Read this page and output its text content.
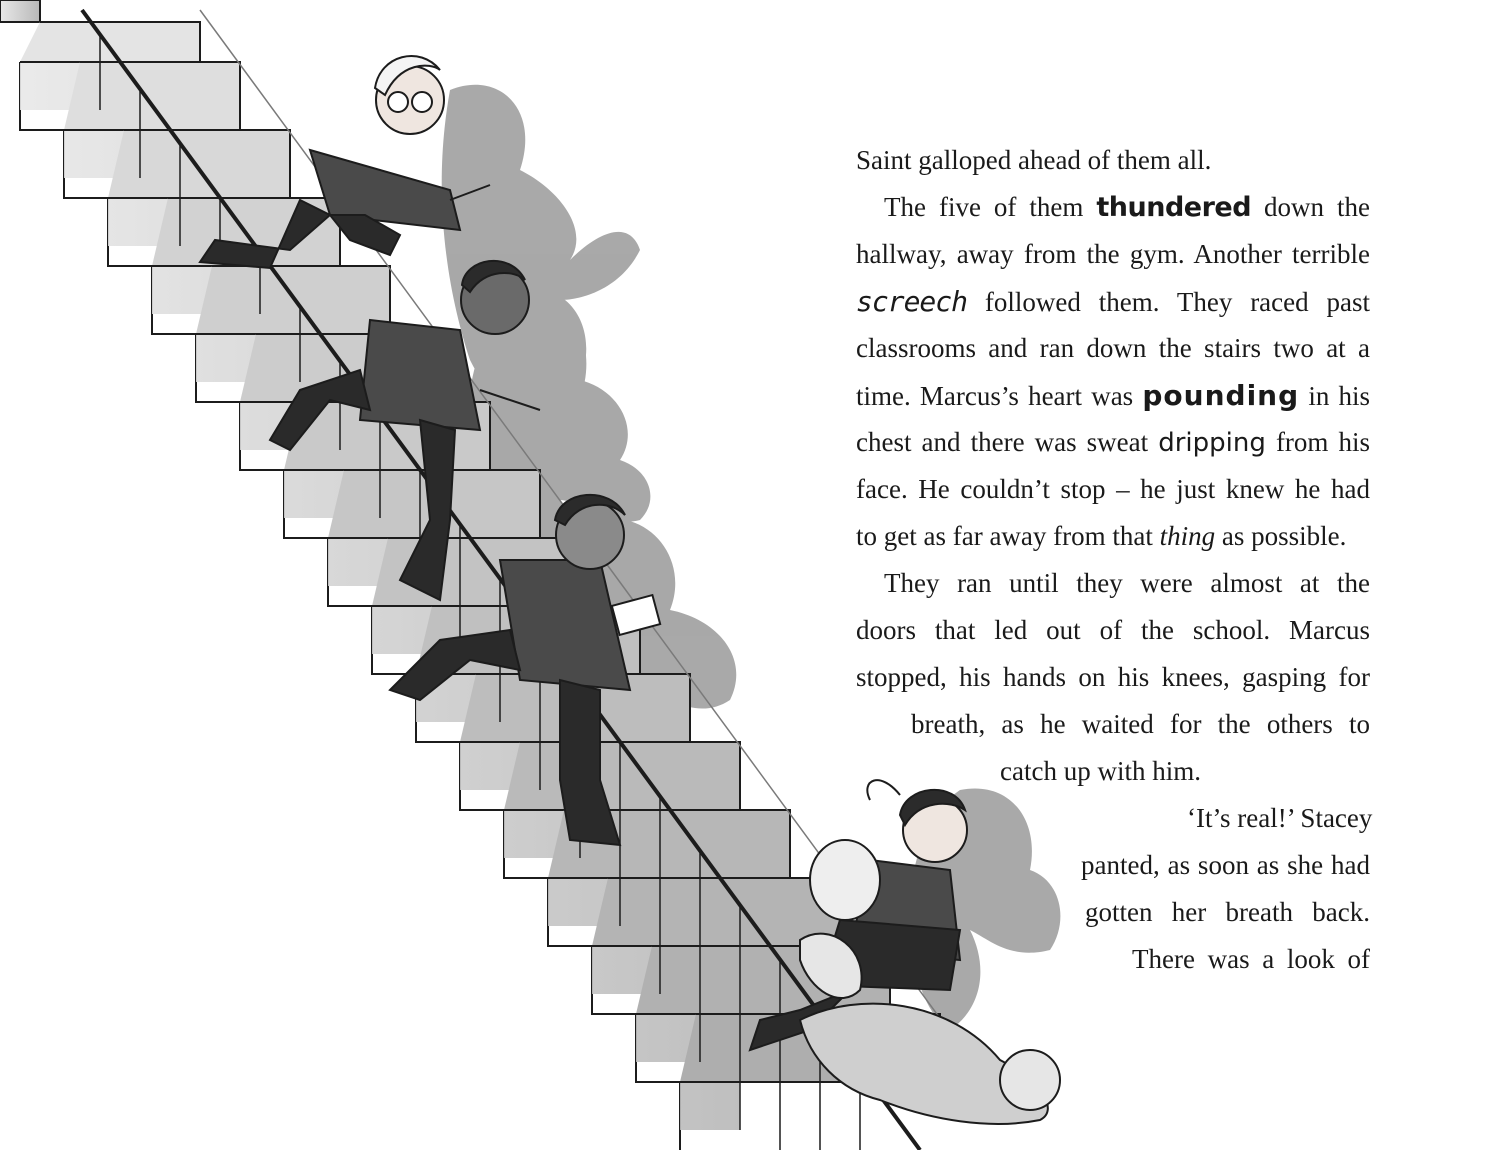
Saint galloped ahead of them all.
The five of them thundered down the
hallway, away from the gym. Another terrible
screech followed them. They raced past
classrooms and ran down the stairs two at a
time. Marcus’s heart was pounding in his
chest and there was sweat dripping from his
face. He couldn’t stop – he just knew he had
to get as far away from that thing as possible.
They ran until they were almost at the
doors that led out of the school. Marcus
stopped, his hands on his knees, gasping for
breath, as he waited for the others to
catch up with him.
‘It’s real!’ Stacey
panted, as soon as she had
gotten her breath back.
There was a look of
